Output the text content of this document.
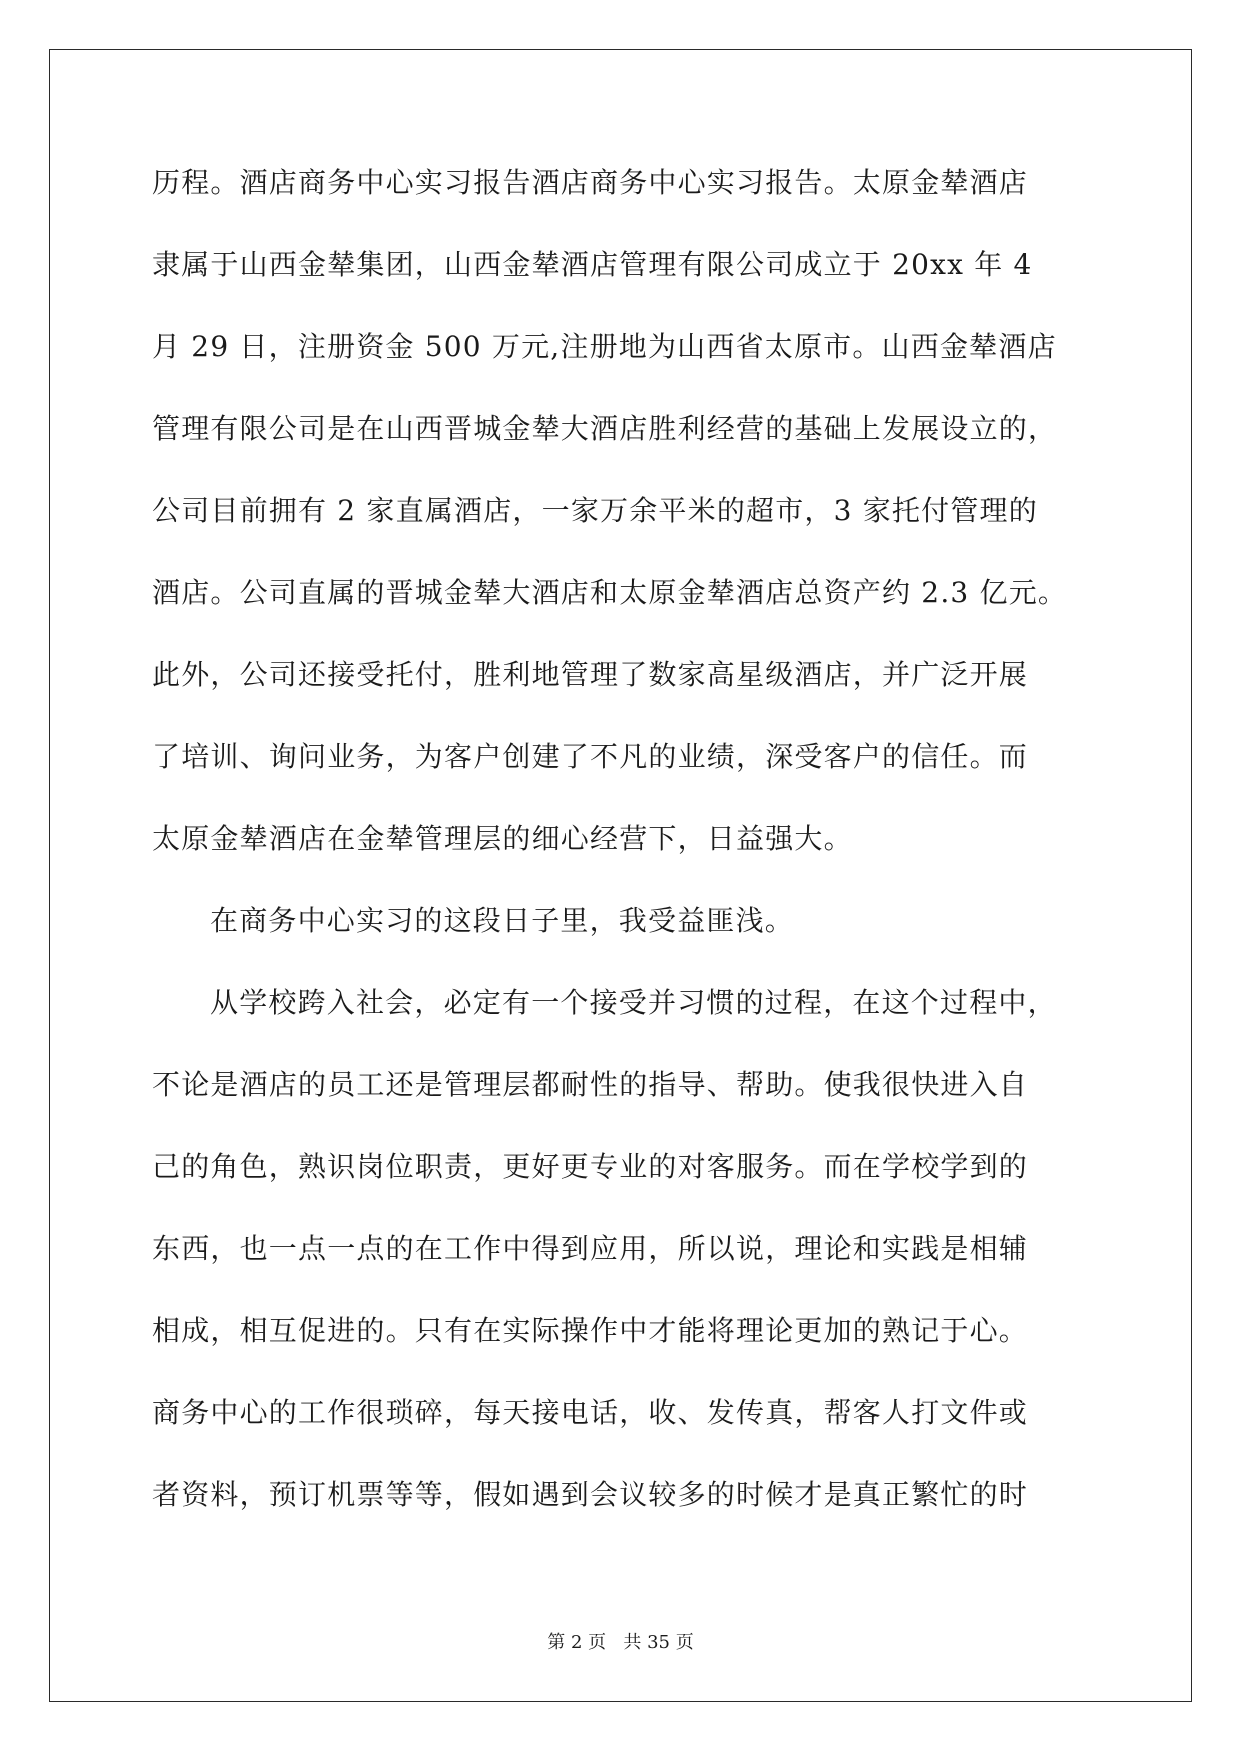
历程。酒店商务中心实习报告酒店商务中心实习报告。太原金辇酒店
隶属于山西金辇集团，山西金辇酒店管理有限公司成立于 20xx 年 4
月 29 日，注册资金 500 万元,注册地为山西省太原市。山西金辇酒店
管理有限公司是在山西晋城金辇大酒店胜利经营的基础上发展设立的，
公司目前拥有 2 家直属酒店，一家万余平米的超市，3 家托付管理的
酒店。公司直属的晋城金辇大酒店和太原金辇酒店总资产约 2.3 亿元。
此外，公司还接受托付，胜利地管理了数家高星级酒店，并广泛开展
了培训、询问业务，为客户创建了不凡的业绩，深受客户的信任。而
太原金辇酒店在金辇管理层的细心经营下，日益强大。
在商务中心实习的这段日子里，我受益匪浅。
从学校跨入社会，必定有一个接受并习惯的过程，在这个过程中，
不论是酒店的员工还是管理层都耐性的指导、帮助。使我很快进入自
己的角色，熟识岗位职责，更好更专业的对客服务。而在学校学到的
东西，也一点一点的在工作中得到应用，所以说，理论和实践是相辅
相成，相互促进的。只有在实际操作中才能将理论更加的熟记于心。
商务中心的工作很琐碎，每天接电话，收、发传真，帮客人打文件或
者资料，预订机票等等，假如遇到会议较多的时候才是真正繁忙的时
第 2 页   共 35 页
